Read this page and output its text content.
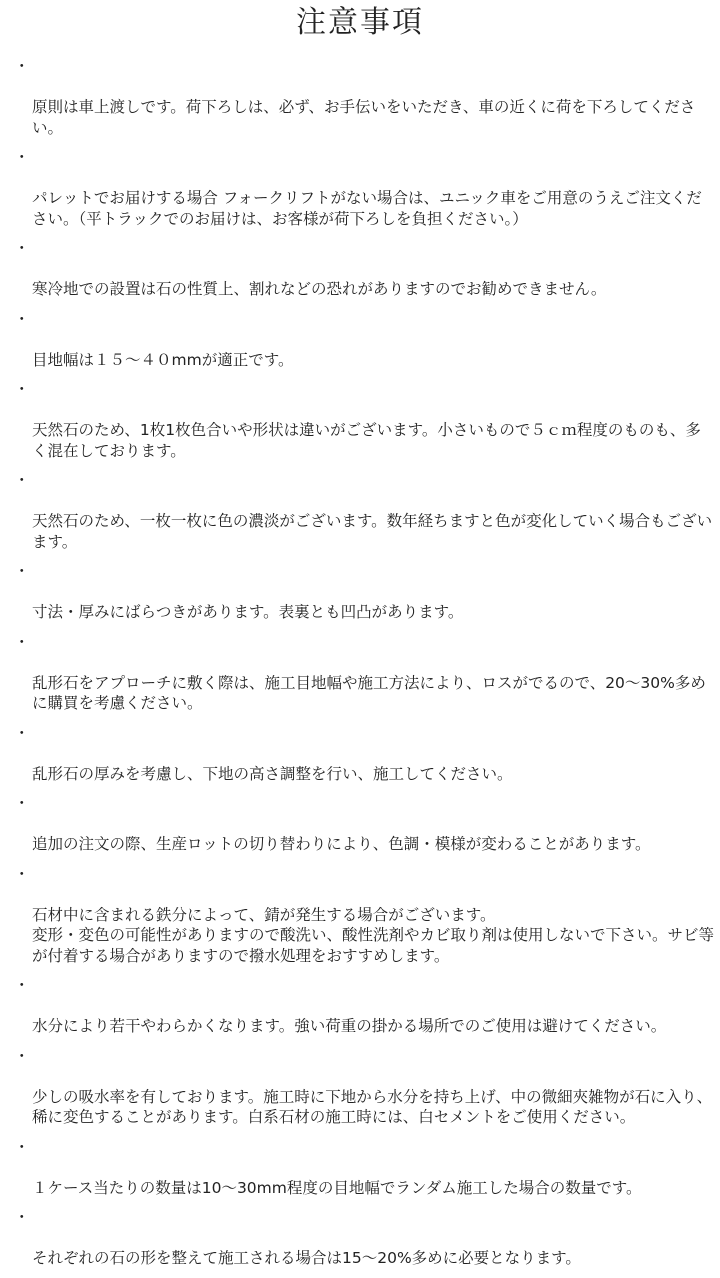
注意事項

・

原則は車上渡しです。荷下ろしは、必ず、お手伝いをいただき、車の近くに荷を下ろしてください。

・

パレットでお届けする場合 フォークリフトがない場合は、ユニック車をご用意のうえご注文ください。（平トラックでのお届けは、お客様が荷下ろしを負担ください。）

・

寒冷地での設置は石の性質上、割れなどの恐れがありますのでお勧めできません。

・

目地幅は１５～４０mmが適正です。

・

天然石のため、1枚1枚色合いや形状は違いがございます。小さいもので５ｃｍ程度のものも、多く混在しております。

・

天然石のため、一枚一枚に色の濃淡がございます。数年経ちますと色が変化していく場合もございます。

・

寸法・厚みにばらつきがあります。表裏とも凹凸があります。

・

乱形石をアプローチに敷く際は、施工目地幅や施工方法により、ロスがでるので、20～30%多めに購買を考慮ください。

・

乱形石の厚みを考慮し、下地の高さ調整を行い、施工してください。

・

追加の注文の際、生産ロットの切り替わりにより、色調・模様が変わることがあります。

・

石材中に含まれる鉄分によって、錆が発生する場合がございます。
変形・変色の可能性がありますので酸洗い、酸性洗剤やカビ取り剤は使用しないで下さい。サビ等が付着する場合がありますので撥水処理をおすすめします。

・

水分により若干やわらかくなります。強い荷重の掛かる場所でのご使用は避けてください。

・

少しの吸水率を有しております。施工時に下地から水分を持ち上げ、中の微細夾雑物が石に入り、稀に変色することがあります。白系石材の施工時には、白セメントをご使用ください。

・

１ケース当たりの数量は10～30mm程度の目地幅でランダム施工した場合の数量です。

・

それぞれの石の形を整えて施工される場合は15～20%多めに必要となります。
